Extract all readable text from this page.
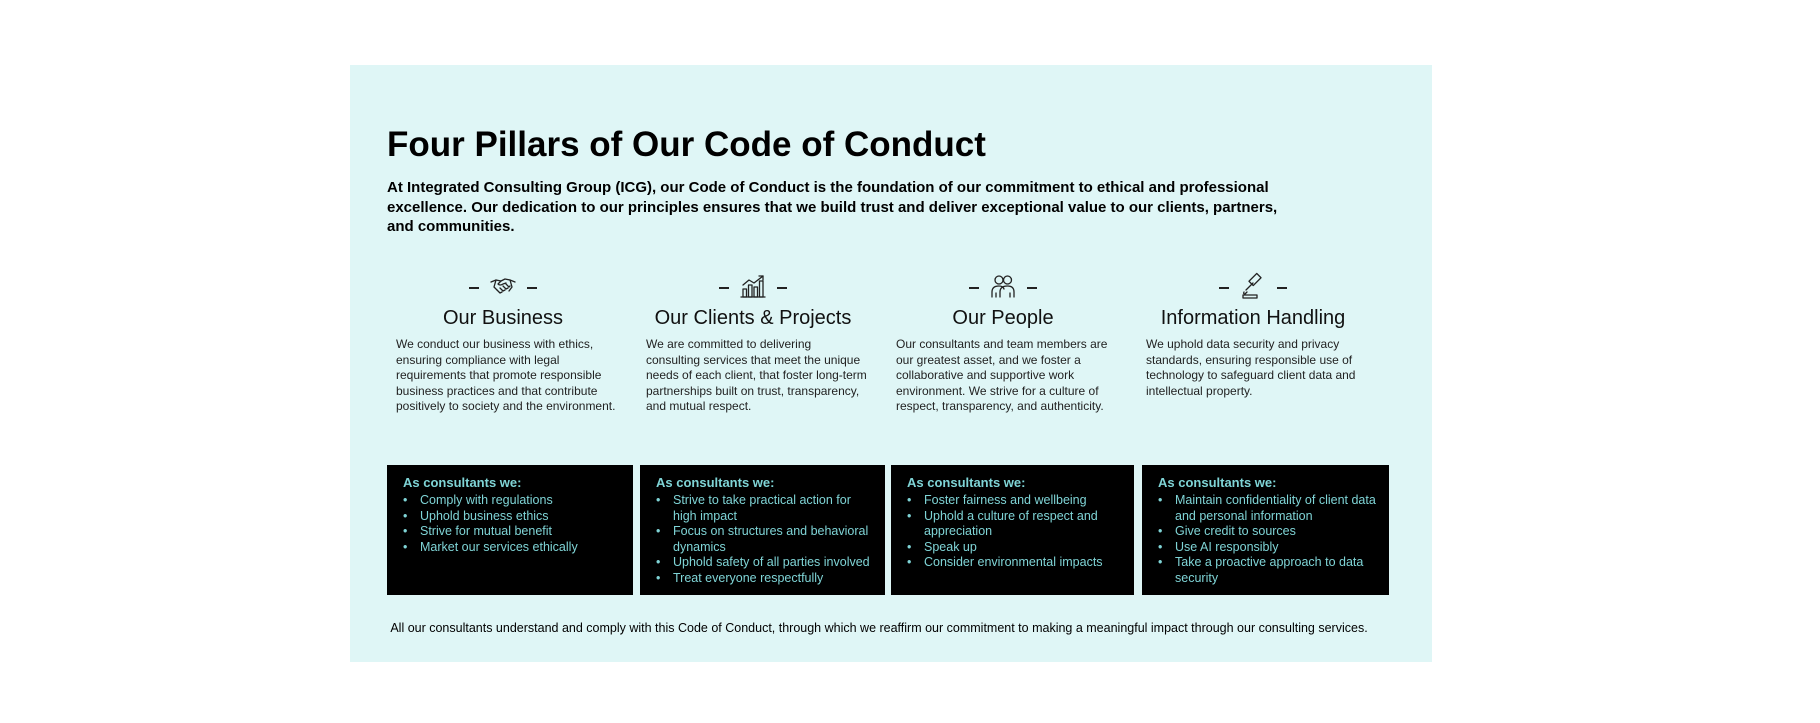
Four Pillars of Our Code of Conduct

At Integrated Consulting Group (ICG), our Code of Conduct is the foundation of our commitment to ethical and professional excellence. Our dedication to our principles ensures that we build trust and deliver exceptional value to our clients, partners, and communities.

Our Business

We conduct our business with ethics, ensuring compliance with legal requirements that promote responsible business practices and that contribute positively to society and the environment.

Our Clients & Projects

We are committed to delivering consulting services that meet the unique needs of each client, that foster long-term partnerships built on trust, transparency, and mutual respect.

Our People

Our consultants and team members are our greatest asset, and we foster a collaborative and supportive work environment. We strive for a culture of respect, transparency, and authenticity.

Information Handling

We uphold data security and privacy standards, ensuring responsible use of technology to safeguard client data and intellectual property.

As consultants we:

• Comply with regulations
• Uphold business ethics
• Strive for mutual benefit
• Market our services ethically

As consultants we:

• Strive to take practical action for high impact
• Focus on structures and behavioral dynamics
• Uphold safety of all parties involved
• Treat everyone respectfully

As consultants we:

• Foster fairness and wellbeing
• Uphold a culture of respect and appreciation
• Speak up
• Consider environmental impacts

As consultants we:

• Maintain confidentiality of client data and personal information
• Give credit to sources
• Use AI responsibly
• Take a proactive approach to data security

All our consultants understand and comply with this Code of Conduct, through which we reaffirm our commitment to making a meaningful impact through our consulting services.
